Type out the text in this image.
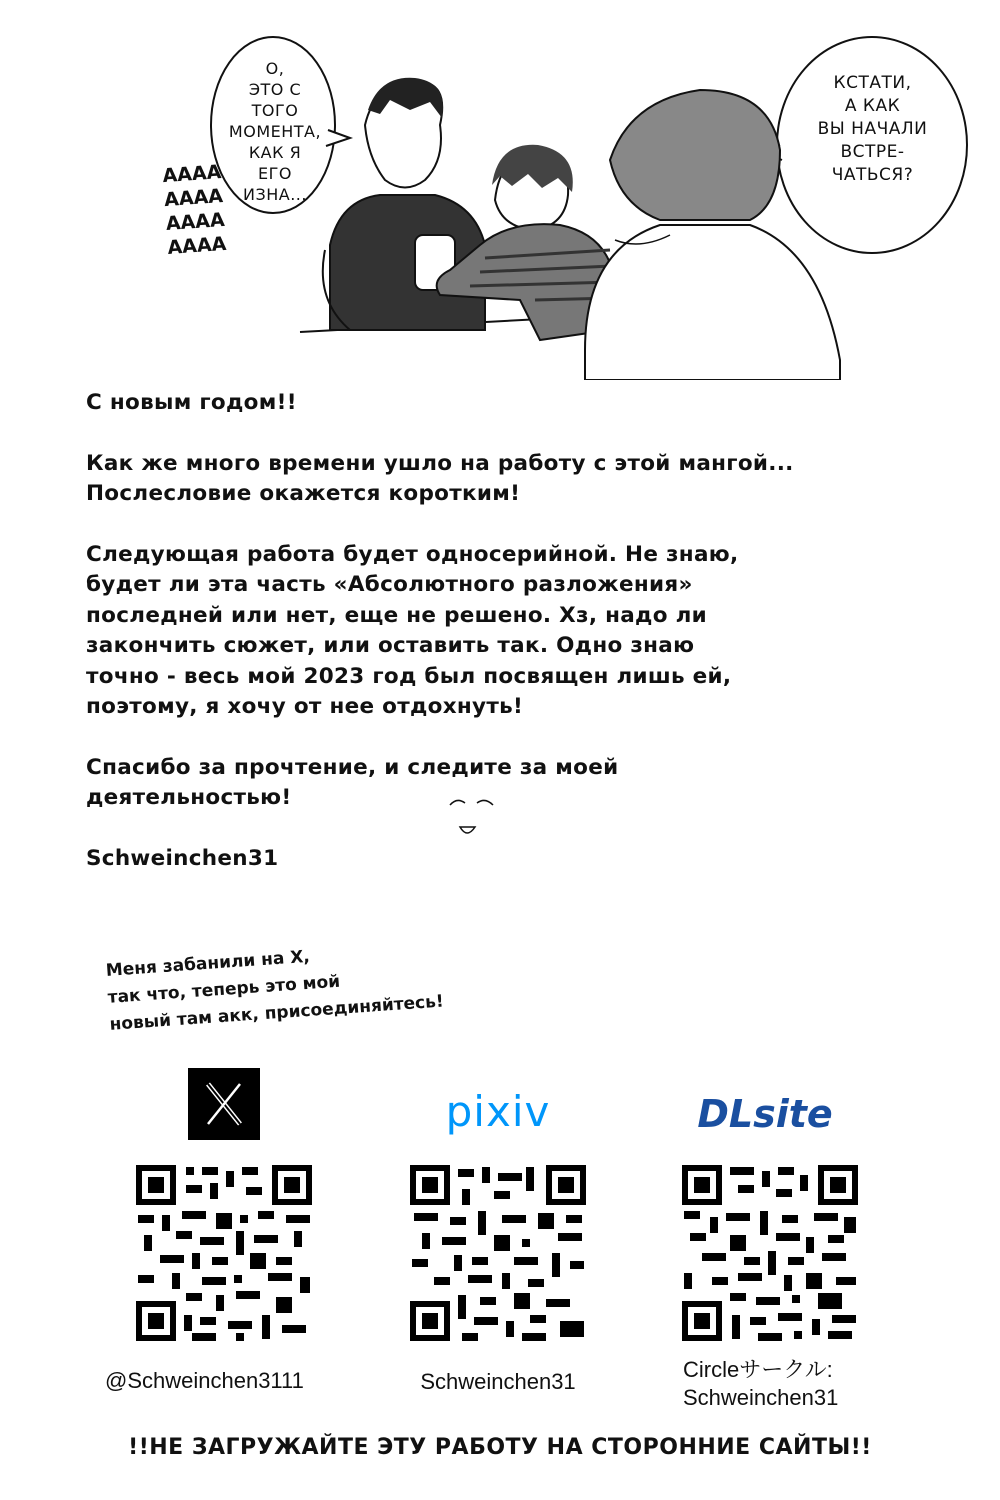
О,
ЭТО С
ТОГО
МОМЕНТА,
КАК Я
ЕГО
ИЗНА...
АААА
АААА
АААА
АААА
КСТАТИ,
А КАК
ВЫ НАЧАЛИ
ВСТРЕ-
ЧАТЬСЯ?

С новым годом!!

Как же много времени ушло на работу с этой мангой...
Послесловие окажется коротким!

Следующая работа будет односерийной. Не знаю,
будет ли эта часть «Абсолютного разложения»
последней или нет, еще не решено. Хз, надо ли
закончить сюжет, или оставить так. Одно знаю
точно - весь мой 2023 год был посвящен лишь ей,
поэтому, я хочу от нее отдохнуть!

Спасибо за прочтение, и следите за моей
деятельностью!

Schweinchen31

Меня забанили на X,
так что, теперь это мой
новый там акк, присоединяйтесь!
@Schweinchen3111
pixiv
Schweinchen31
DLsite
Circleサークル:
Schweinchen31
!!НЕ ЗАГРУЖАЙТЕ ЭТУ РАБОТУ НА СТОРОННИЕ САЙТЫ!!
